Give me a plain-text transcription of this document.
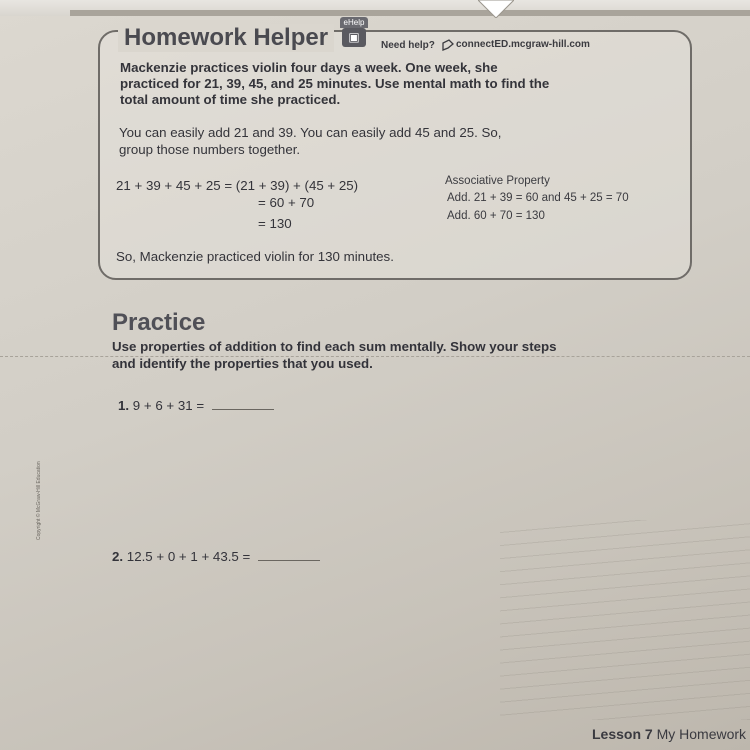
Homework Helper
eHelp
▣
Need help? connectED.mcgraw-hill.com
Mackenzie practices violin four days a week. One week, she practiced for 21, 39, 45, and 25 minutes. Use mental math to find the total amount of time she practiced.
You can easily add 21 and 39. You can easily add 45 and 25. So, group those numbers together.
21 + 39 + 45 + 25 = (21 + 39) + (45 + 25)
= 60 + 70
= 130
Associative Property
Add. 21 + 39 = 60 and 45 + 25 = 70
Add. 60 + 70 = 130
So, Mackenzie practiced violin for 130 minutes.
Practice
Use properties of addition to find each sum mentally. Show your steps and identify the properties that you used.
1. 9 + 6 + 31 =
2. 12.5 + 0 + 1 + 43.5 =
Copyright © McGraw-Hill Education
Lesson 7 My Homework
